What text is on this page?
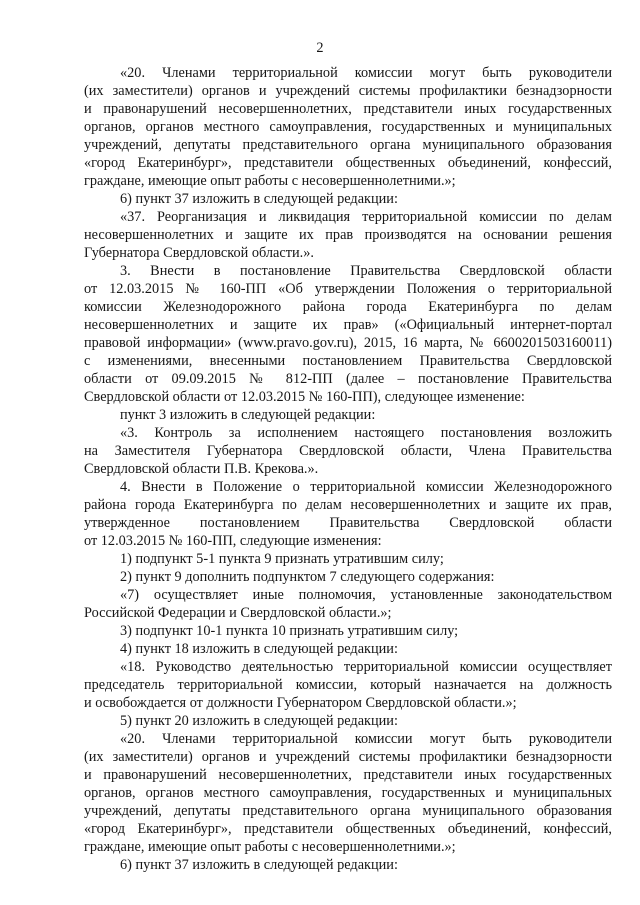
2
«20. Членами территориальной комиссии могут быть руководители
(их заместители) органов и учреждений системы профилактики безнадзорности
и правонарушений несовершеннолетних, представители иных государственных
органов, органов местного самоуправления, государственных и муниципальных
учреждений, депутаты представительного органа муниципального образования
«город Екатеринбург», представители общественных объединений, конфессий,
граждане, имеющие опыт работы с несовершеннолетними.»;
6) пункт 37 изложить в следующей редакции:
«37. Реорганизация и ликвидация территориальной комиссии по делам
несовершеннолетних и защите их прав производятся на основании решения
Губернатора Свердловской области.».
3. Внести в постановление Правительства Свердловской области
от 12.03.2015 № 160-ПП «Об утверждении Положения о территориальной
комиссии Железнодорожного района города Екатеринбурга по делам
несовершеннолетних и защите их прав» («Официальный интернет-портал
правовой информации» (www.pravo.gov.ru), 2015, 16 марта, № 6600201503160011)
с изменениями, внесенными постановлением Правительства Свердловской
области от 09.09.2015 № 812-ПП (далее – постановление Правительства
Свердловской области от 12.03.2015 № 160-ПП), следующее изменение:
пункт 3 изложить в следующей редакции:
«3. Контроль за исполнением настоящего постановления возложить
на Заместителя Губернатора Свердловской области, Члена Правительства
Свердловской области П.В. Крекова.».
4. Внести в Положение о территориальной комиссии Железнодорожного
района города Екатеринбурга по делам несовершеннолетних и защите их прав,
утвержденное постановлением Правительства Свердловской области
от 12.03.2015 № 160-ПП, следующие изменения:
1) подпункт 5-1 пункта 9 признать утратившим силу;
2) пункт 9 дополнить подпунктом 7 следующего содержания:
«7) осуществляет иные полномочия, установленные законодательством
Российской Федерации и Свердловской области.»;
3) подпункт 10-1 пункта 10 признать утратившим силу;
4) пункт 18 изложить в следующей редакции:
«18. Руководство деятельностью территориальной комиссии осуществляет
председатель территориальной комиссии, который назначается на должность
и освобождается от должности Губернатором Свердловской области.»;
5) пункт 20 изложить в следующей редакции:
«20. Членами территориальной комиссии могут быть руководители
(их заместители) органов и учреждений системы профилактики безнадзорности
и правонарушений несовершеннолетних, представители иных государственных
органов, органов местного самоуправления, государственных и муниципальных
учреждений, депутаты представительного органа муниципального образования
«город Екатеринбург», представители общественных объединений, конфессий,
граждане, имеющие опыт работы с несовершеннолетними.»;
6) пункт 37 изложить в следующей редакции:
